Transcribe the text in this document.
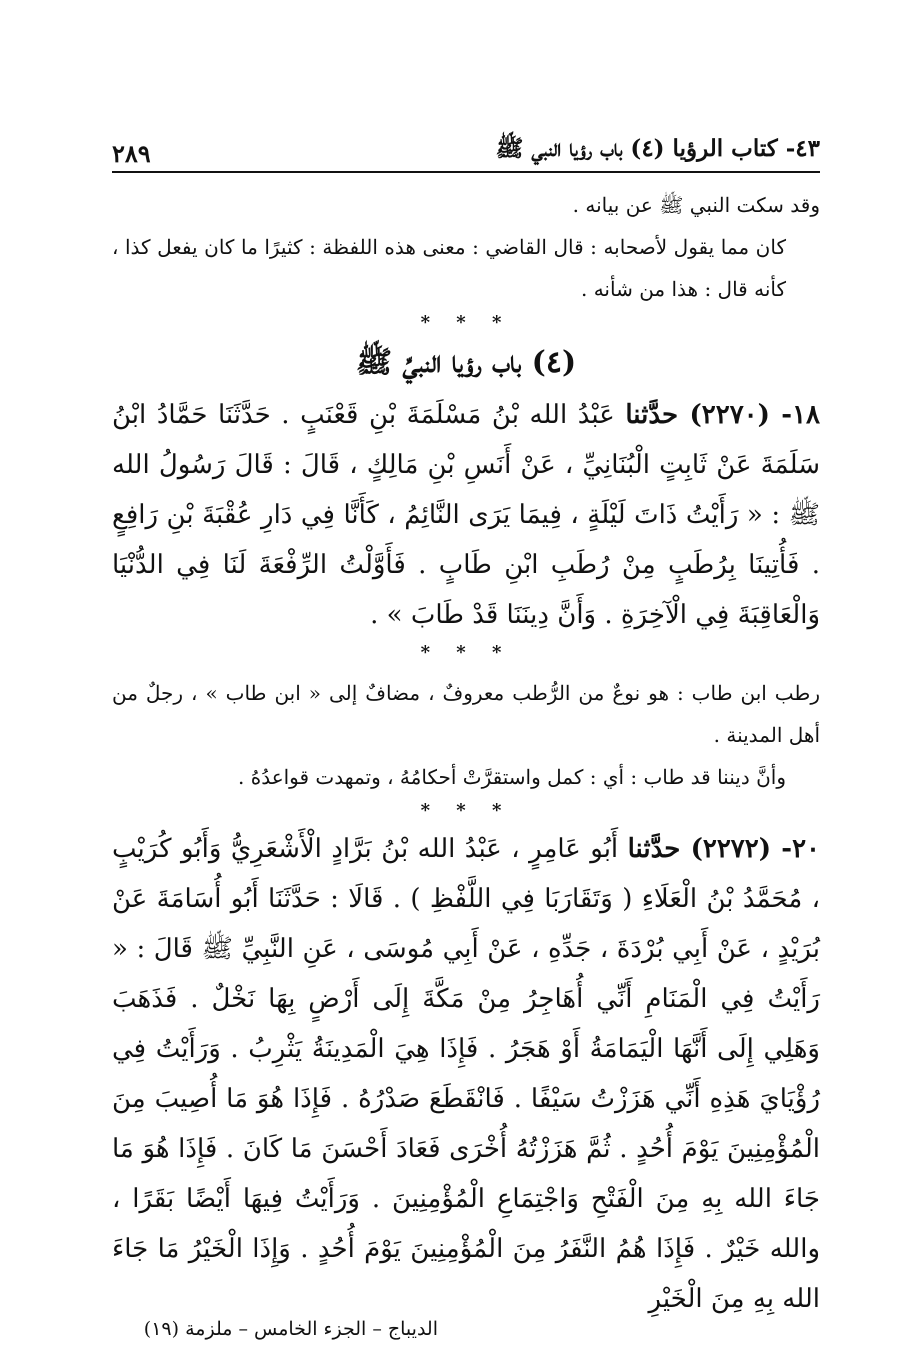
٤٣- كتاب الرؤيا (٤) باب رؤيا النبي ﷺ
٢٨٩

وقد سكت النبي ﷺ عن بيانه .

كان مما يقول لأصحابه : قال القاضي : معنى هذه اللفظة : كثيرًا ما كان يفعل كذا ، كأنه قال : هذا من شأنه .

* * *

(٤) باب رؤيا النبيِّ ﷺ

١٨- (٢٢٧٠) حدَّثنا عَبْدُ الله بْنُ مَسْلَمَةَ بْنِ قَعْنَبٍ . حَدَّثَنَا حَمَّادُ ابْنُ سَلَمَةَ عَنْ ثَابِتٍ الْبُنَانِيِّ ، عَنْ أَنَسِ بْنِ مَالِكٍ ، قَالَ : قَالَ رَسُولُ الله ﷺ : « رَأَيْتُ ذَاتَ لَيْلَةٍ ، فِيمَا يَرَى النَّائِمُ ، كَأَنَّا فِي دَارِ عُقْبَةَ بْنِ رَافِعٍ . فَأُتِينَا بِرُطَبٍ مِنْ رُطَبِ ابْنِ طَابٍ . فَأَوَّلْتُ الرِّفْعَةَ لَنَا فِي الدُّنْيَا وَالْعَاقِبَةَ فِي الْآخِرَةِ . وَأَنَّ دِينَنَا قَدْ طَابَ » .

* * *

رطب ابن طاب : هو نوعٌ من الرُّطب معروفٌ ، مضافٌ إلى « ابن طاب » ، رجلٌ من أهل المدينة .

وأنَّ ديننا قد طاب : أي : كمل واستقرَّتْ أحكامُهُ ، وتمهدت قواعدُهُ .

* * *

٢٠- (٢٢٧٢) حدَّثنا أَبُو عَامِرٍ ، عَبْدُ الله بْنُ بَرَّادٍ الْأَشْعَرِيُّ وَأَبُو كُرَيْبٍ ، مُحَمَّدُ بْنُ الْعَلَاءِ ( وَتَقَارَبَا فِي اللَّفْظِ ) . قَالَا : حَدَّثَنَا أَبُو أُسَامَةَ عَنْ بُرَيْدٍ ، عَنْ أَبِي بُرْدَةَ ، جَدِّهِ ، عَنْ أَبِي مُوسَى ، عَنِ النَّبِيِّ ﷺ قَالَ : « رَأَيْتُ فِي الْمَنَامِ أَنِّي أُهَاجِرُ مِنْ مَكَّةَ إِلَى أَرْضٍ بِهَا نَخْلٌ . فَذَهَبَ وَهَلِي إِلَى أَنَّهَا الْيَمَامَةُ أَوْ هَجَرُ . فَإِذَا هِيَ الْمَدِينَةُ يَثْرِبُ . وَرَأَيْتُ فِي رُؤْيَايَ هَذِهِ أَنِّي هَزَزْتُ سَيْفًا . فَانْقَطَعَ صَدْرُهُ . فَإِذَا هُوَ مَا أُصِيبَ مِنَ الْمُؤْمِنِينَ يَوْمَ أُحُدٍ . ثُمَّ هَزَزْتُهُ أُخْرَى فَعَادَ أَحْسَنَ مَا كَانَ . فَإِذَا هُوَ مَا جَاءَ الله بِهِ مِنَ الْفَتْحِ وَاجْتِمَاعِ الْمُؤْمِنِينَ . وَرَأَيْتُ فِيهَا أَيْضًا بَقَرًا ، والله خَيْرٌ . فَإِذَا هُمُ النَّفَرُ مِنَ الْمُؤْمِنِينَ يَوْمَ أُحُدٍ . وَإِذَا الْخَيْرُ مَا جَاءَ الله بِهِ مِنَ الْخَيْرِ

الديباج – الجزء الخامس – ملزمة (١٩)
